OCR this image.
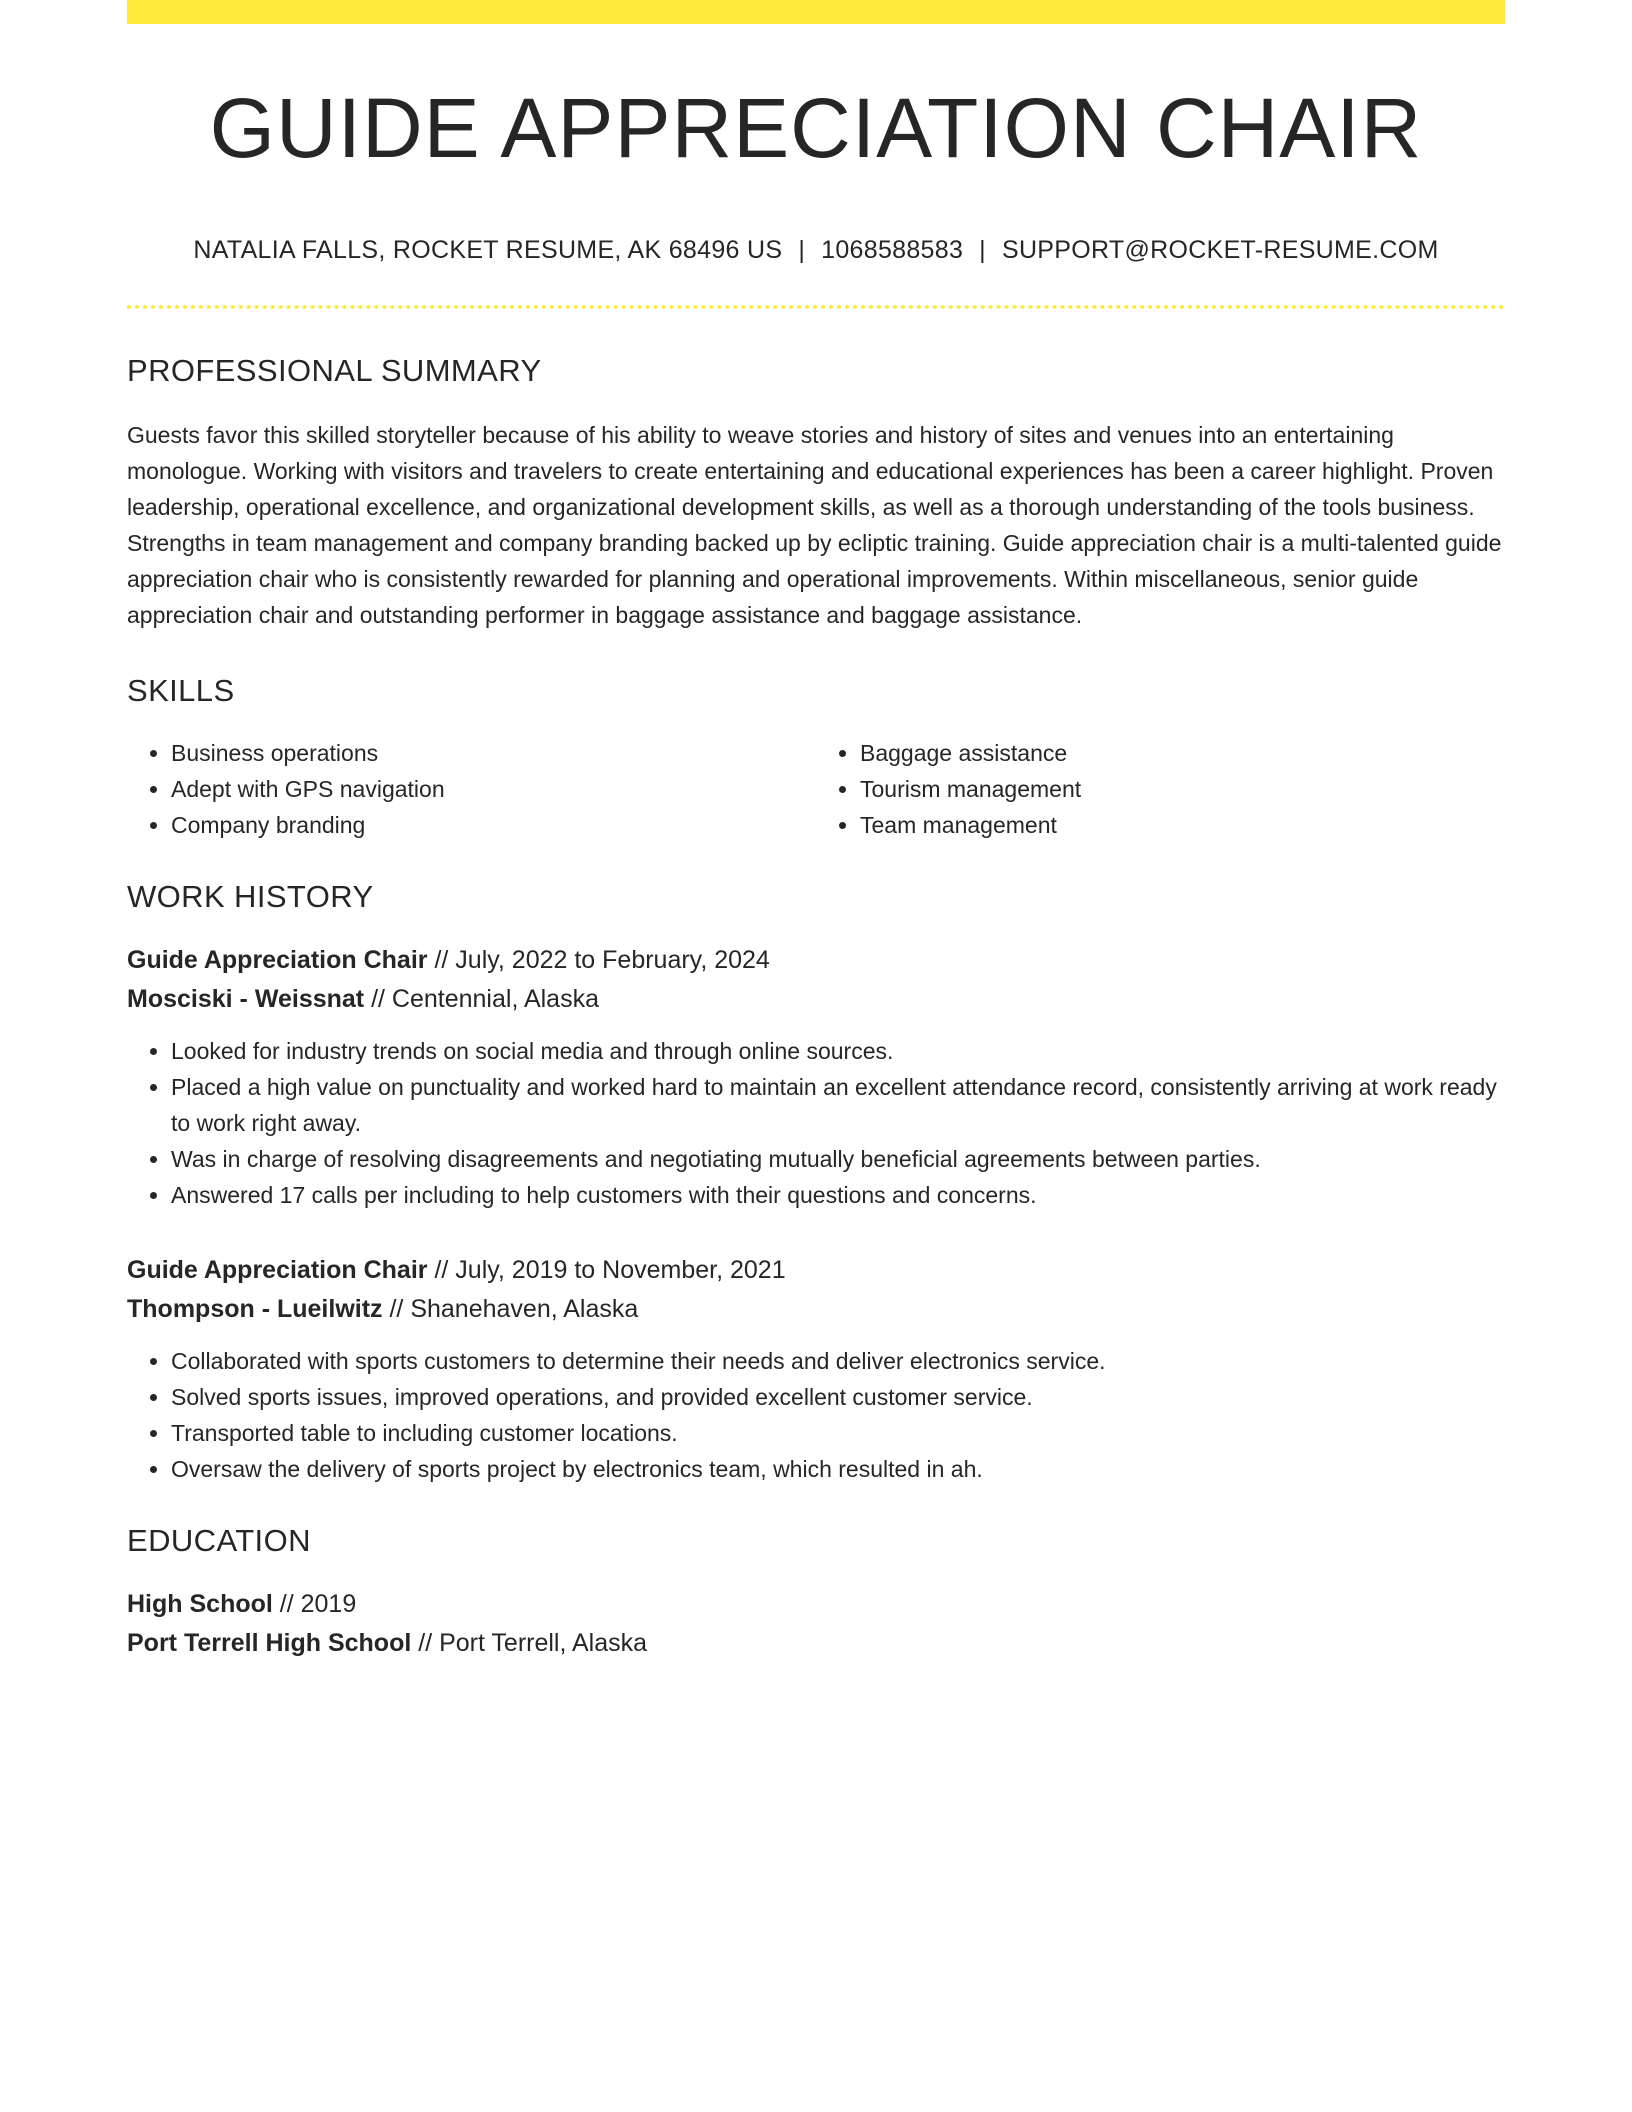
GUIDE APPRECIATION CHAIR
NATALIA FALLS, ROCKET RESUME, AK 68496 US | 1068588583 | SUPPORT@ROCKET-RESUME.COM
PROFESSIONAL SUMMARY

Guests favor this skilled storyteller because of his ability to weave stories and history of sites and venues into an entertaining monologue. Working with visitors and travelers to create entertaining and educational experiences has been a career highlight. Proven leadership, operational excellence, and organizational development skills, as well as a thorough understanding of the tools business. Strengths in team management and company branding backed up by ecliptic training. Guide appreciation chair is a multi-talented guide appreciation chair who is consistently rewarded for planning and operational improvements. Within miscellaneous, senior guide appreciation chair and outstanding performer in baggage assistance and baggage assistance.

SKILLS
• Business operations
• Adept with GPS navigation
• Company branding
• Baggage assistance
• Tourism management
• Team management
WORK HISTORY
Guide Appreciation Chair // July, 2022 to February, 2024
Mosciski - Weissnat // Centennial, Alaska
• Looked for industry trends on social media and through online sources.
• Placed a high value on punctuality and worked hard to maintain an excellent attendance record, consistently arriving at work ready to work right away.
• Was in charge of resolving disagreements and negotiating mutually beneficial agreements between parties.
• Answered 17 calls per including to help customers with their questions and concerns.
Guide Appreciation Chair // July, 2019 to November, 2021
Thompson - Lueilwitz // Shanehaven, Alaska
• Collaborated with sports customers to determine their needs and deliver electronics service.
• Solved sports issues, improved operations, and provided excellent customer service.
• Transported table to including customer locations.
• Oversaw the delivery of sports project by electronics team, which resulted in ah.
EDUCATION
High School // 2019
Port Terrell High School // Port Terrell, Alaska
